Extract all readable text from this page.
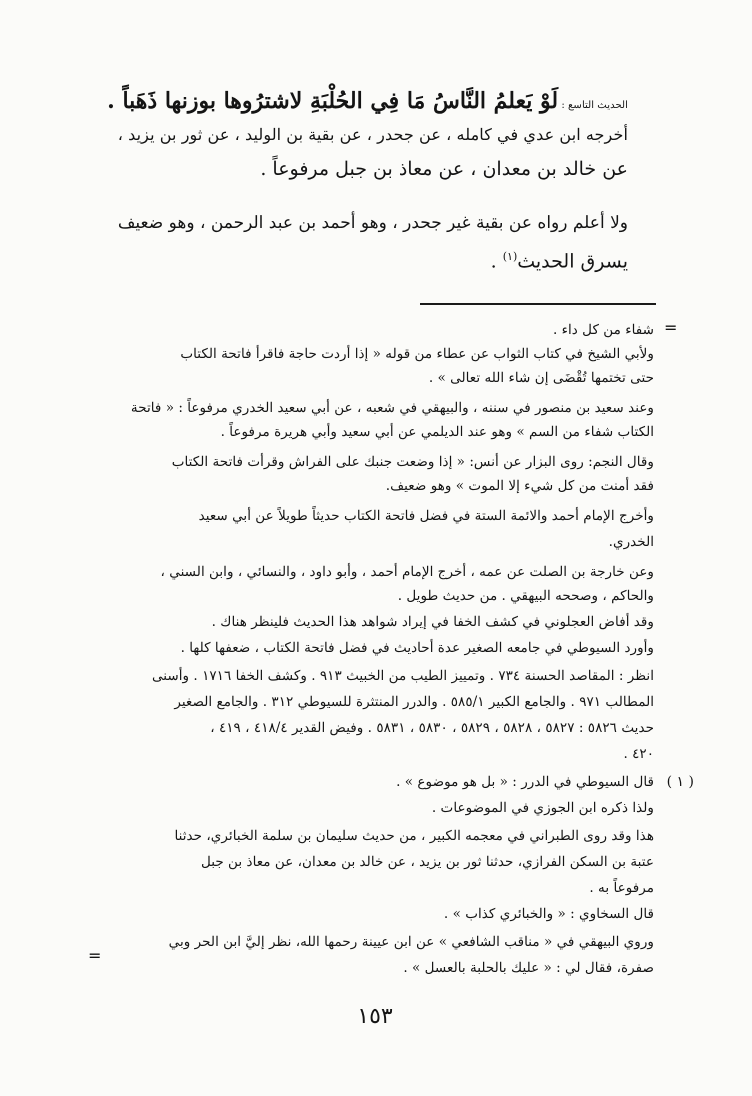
الحديث التاسع : لَوْ يَعلمُ النَّاسُ مَا فِي الحُلْبَةِ لاشترُوها بوزنها ذَهَباً .
أخرجه ابن عدي في كامله ، عن جحدر ، عن بقية بن الوليد ، عن ثور بن يزيد ،
عن خالد بن معدان ، عن معاذ بن جبل مرفوعاً .
ولا أعلم رواه عن بقية غير جحدر ، وهو أحمد بن عبد الرحمن ، وهو ضعيف
يسرق الحديث$^{(١)}$ .
=
شفاء من كل داء .
ولأبي الشيخ في كتاب الثواب عن عطاء من قوله « إذا أردت حاجة فاقرأ فاتحة الكتاب
حتى تختمها تُقْضَى إن شاء الله تعالى » .
وعند سعيد بن منصور في سننه ، والبيهقي في شعبه ، عن أبي سعيد الخدري مرفوعاً : « فاتحة
الكتاب شفاء من السم » وهو عند الديلمي عن أبي سعيد وأبي هريرة مرفوعاً .
وقال النجم: روى البزار عن أنس: « إذا وضعت جنبك على الفراش وقرأت فاتحة الكتاب
فقد أمنت من كل شيء إلا الموت » وهو ضعيف.
وأخرج الإمام أحمد والائمة الستة في فضل فاتحة الكتاب حديثاً طويلاً عن أبي سعيد
الخدري.
وعن خارجة بن الصلت عن عمه ، أخرج الإمام أحمد ، وأبو داود ، والنسائي ، وابن السني ،
والحاكم ، وصححه البيهقي . من حديث طويل .
وقد أفاض العجلوني في كشف الخفا في إيراد شواهد هذا الحديث فلينظر هناك .
وأورد السيوطي في جامعه الصغير عدة أحاديث في فضل فاتحة الكتاب ، ضعفها كلها .
انظر : المقاصد الحسنة ٧٣٤ . وتمييز الطيب من الخبيث ٩١٣ . وكشف الخفا ١٧١٦ . وأسنى
المطالب ٩٧١ . والجامع الكبير ٥٨٥/١ . والدرر المنتثرة للسيوطي ٣١٢ . والجامع الصغير
حديث ٥٨٢٦ : ٥٨٢٧ ، ٥٨٢٨ ، ٥٨٢٩ ، ٥٨٣٠ ، ٥٨٣١ . وفيض القدير ٤١٨/٤ ، ٤١٩ ،
٤٢٠ .
قال السيوطي في الدرر : « بل هو موضوع » . ( ١ )
ولذا ذكره ابن الجوزي في الموضوعات .
هذا وقد روى الطبراني في معجمه الكبير ، من حديث سليمان بن سلمة الخبائري، حدثنا
عتبة بن السكن الفرازي، حدثنا ثور بن يزيد ، عن خالد بن معدان، عن معاذ بن جبل
مرفوعاً به .
قال السخاوي : « والخبائري كذاب » .
وروي البيهقي في « مناقب الشافعي » عن ابن عيينة رحمها الله، نظر إليَّ ابن الحر وبي
صفرة، فقال لي : « عليك بالحلبة بالعسل » .
=
١٥٣
